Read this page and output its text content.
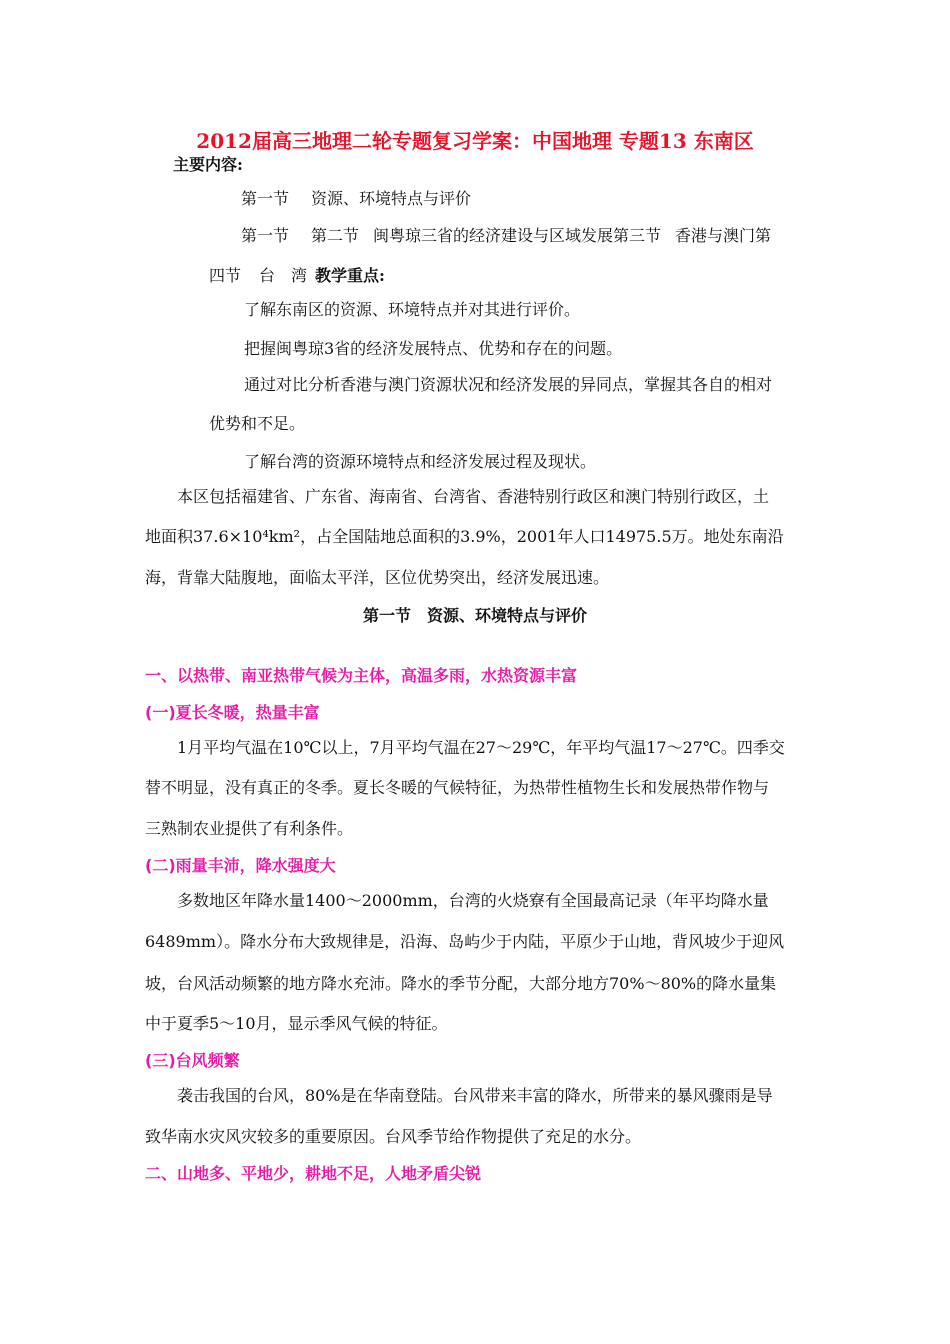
2012届高三地理二轮专题复习学案：中国地理 专题13 东南区
主要内容:
第一节 资源、环境特点与评价
第一节 第二节 闽粤琼三省的经济建设与区域发展第三节 香港与澳门第
四节 台 湾 教学重点:
了解东南区的资源、环境特点并对其进行评价。
把握闽粤琼3省的经济发展特点、优势和存在的问题。
通过对比分析香港与澳门资源状况和经济发展的异同点，掌握其各自的相对
优势和不足。
了解台湾的资源环境特点和经济发展过程及现状。
本区包括福建省、广东省、海南省、台湾省、香港特别行政区和澳门特别行政区，土
地面积37.6×10⁴km²，占全国陆地总面积的3.9%，2001年人口14975.5万。地处东南沿
海，背靠大陆腹地，面临太平洋，区位优势突出，经济发展迅速。
第一节　资源、环境特点与评价
一、以热带、南亚热带气候为主体，高温多雨，水热资源丰富
(一)夏长冬暖，热量丰富
1月平均气温在10℃以上，7月平均气温在27～29℃，年平均气温17～27℃。四季交
替不明显，没有真正的冬季。夏长冬暖的气候特征，为热带性植物生长和发展热带作物与
三熟制农业提供了有利条件。
(二)雨量丰沛，降水强度大
多数地区年降水量1400～2000mm，台湾的火烧寮有全国最高记录（年平均降水量
6489mm）。降水分布大致规律是，沿海、岛屿少于内陆，平原少于山地，背风坡少于迎风
坡，台风活动频繁的地方降水充沛。降水的季节分配，大部分地方70%～80%的降水量集
中于夏季5～10月，显示季风气候的特征。
(三)台风频繁
袭击我国的台风，80%是在华南登陆。台风带来丰富的降水，所带来的暴风骤雨是导
致华南水灾风灾较多的重要原因。台风季节给作物提供了充足的水分。
二、山地多、平地少，耕地不足，人地矛盾尖锐
